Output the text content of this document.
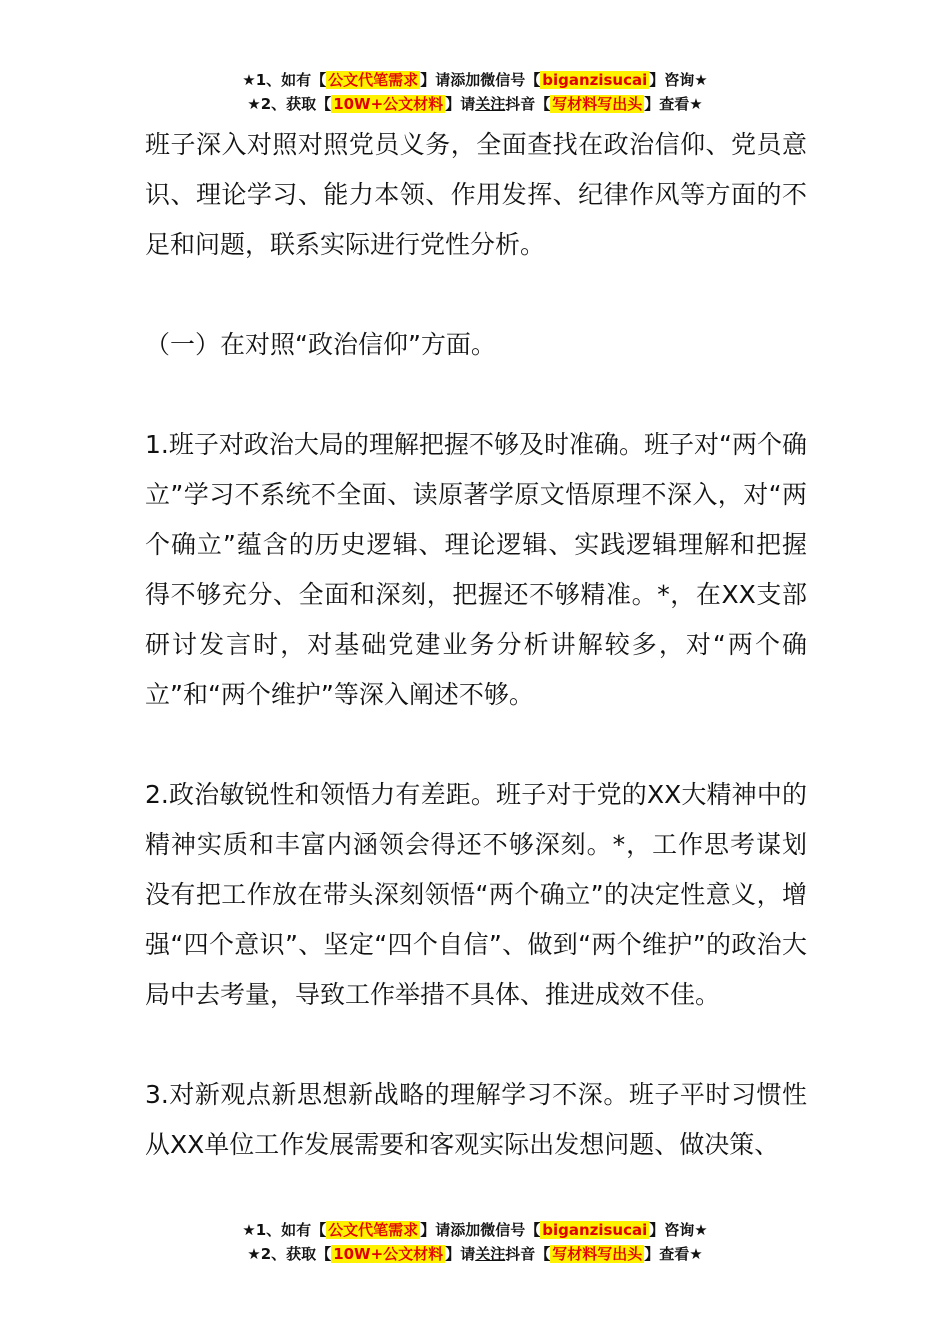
★1、如有【 公文代笔需求 】请添加微信号【 biganzisucai 】咨询★
★2、获取【 10W+公文材料 】请关注抖音【 写材料写出头 】查看★

班子深入对照对照党员义务，全面查找在政治信仰、党员意识、理论学习、能力本领、作用发挥、纪律作风等方面的不足和问题，联系实际进行党性分析。

（一）在对照“政治信仰”方面。

1.班子对政治大局的理解把握不够及时准确。班子对“两个确立”学习不系统不全面、读原著学原文悟原理不深入，对“两个确立”蕴含的历史逻辑、理论逻辑、实践逻辑理解和把握得不够充分、全面和深刻，把握还不够精准。*，在XX支部研讨发言时，对基础党建业务分析讲解较多，对“两个确立”和“两个维护”等深入阐述不够。

2.政治敏锐性和领悟力有差距。班子对于党的XX大精神中的精神实质和丰富内涵领会得还不够深刻。*，工作思考谋划没有把工作放在带头深刻领悟“两个确立”的决定性意义，增强“四个意识”、坚定“四个自信”、做到“两个维护”的政治大局中去考量，导致工作举措不具体、推进成效不佳。

3.对新观点新思想新战略的理解学习不深。班子平时习惯性从XX单位工作发展需要和客观实际出发想问题、做决策、

★1、如有【 公文代笔需求 】请添加微信号【 biganzisucai 】咨询★
★2、获取【 10W+公文材料 】请关注抖音【 写材料写出头 】查看★
